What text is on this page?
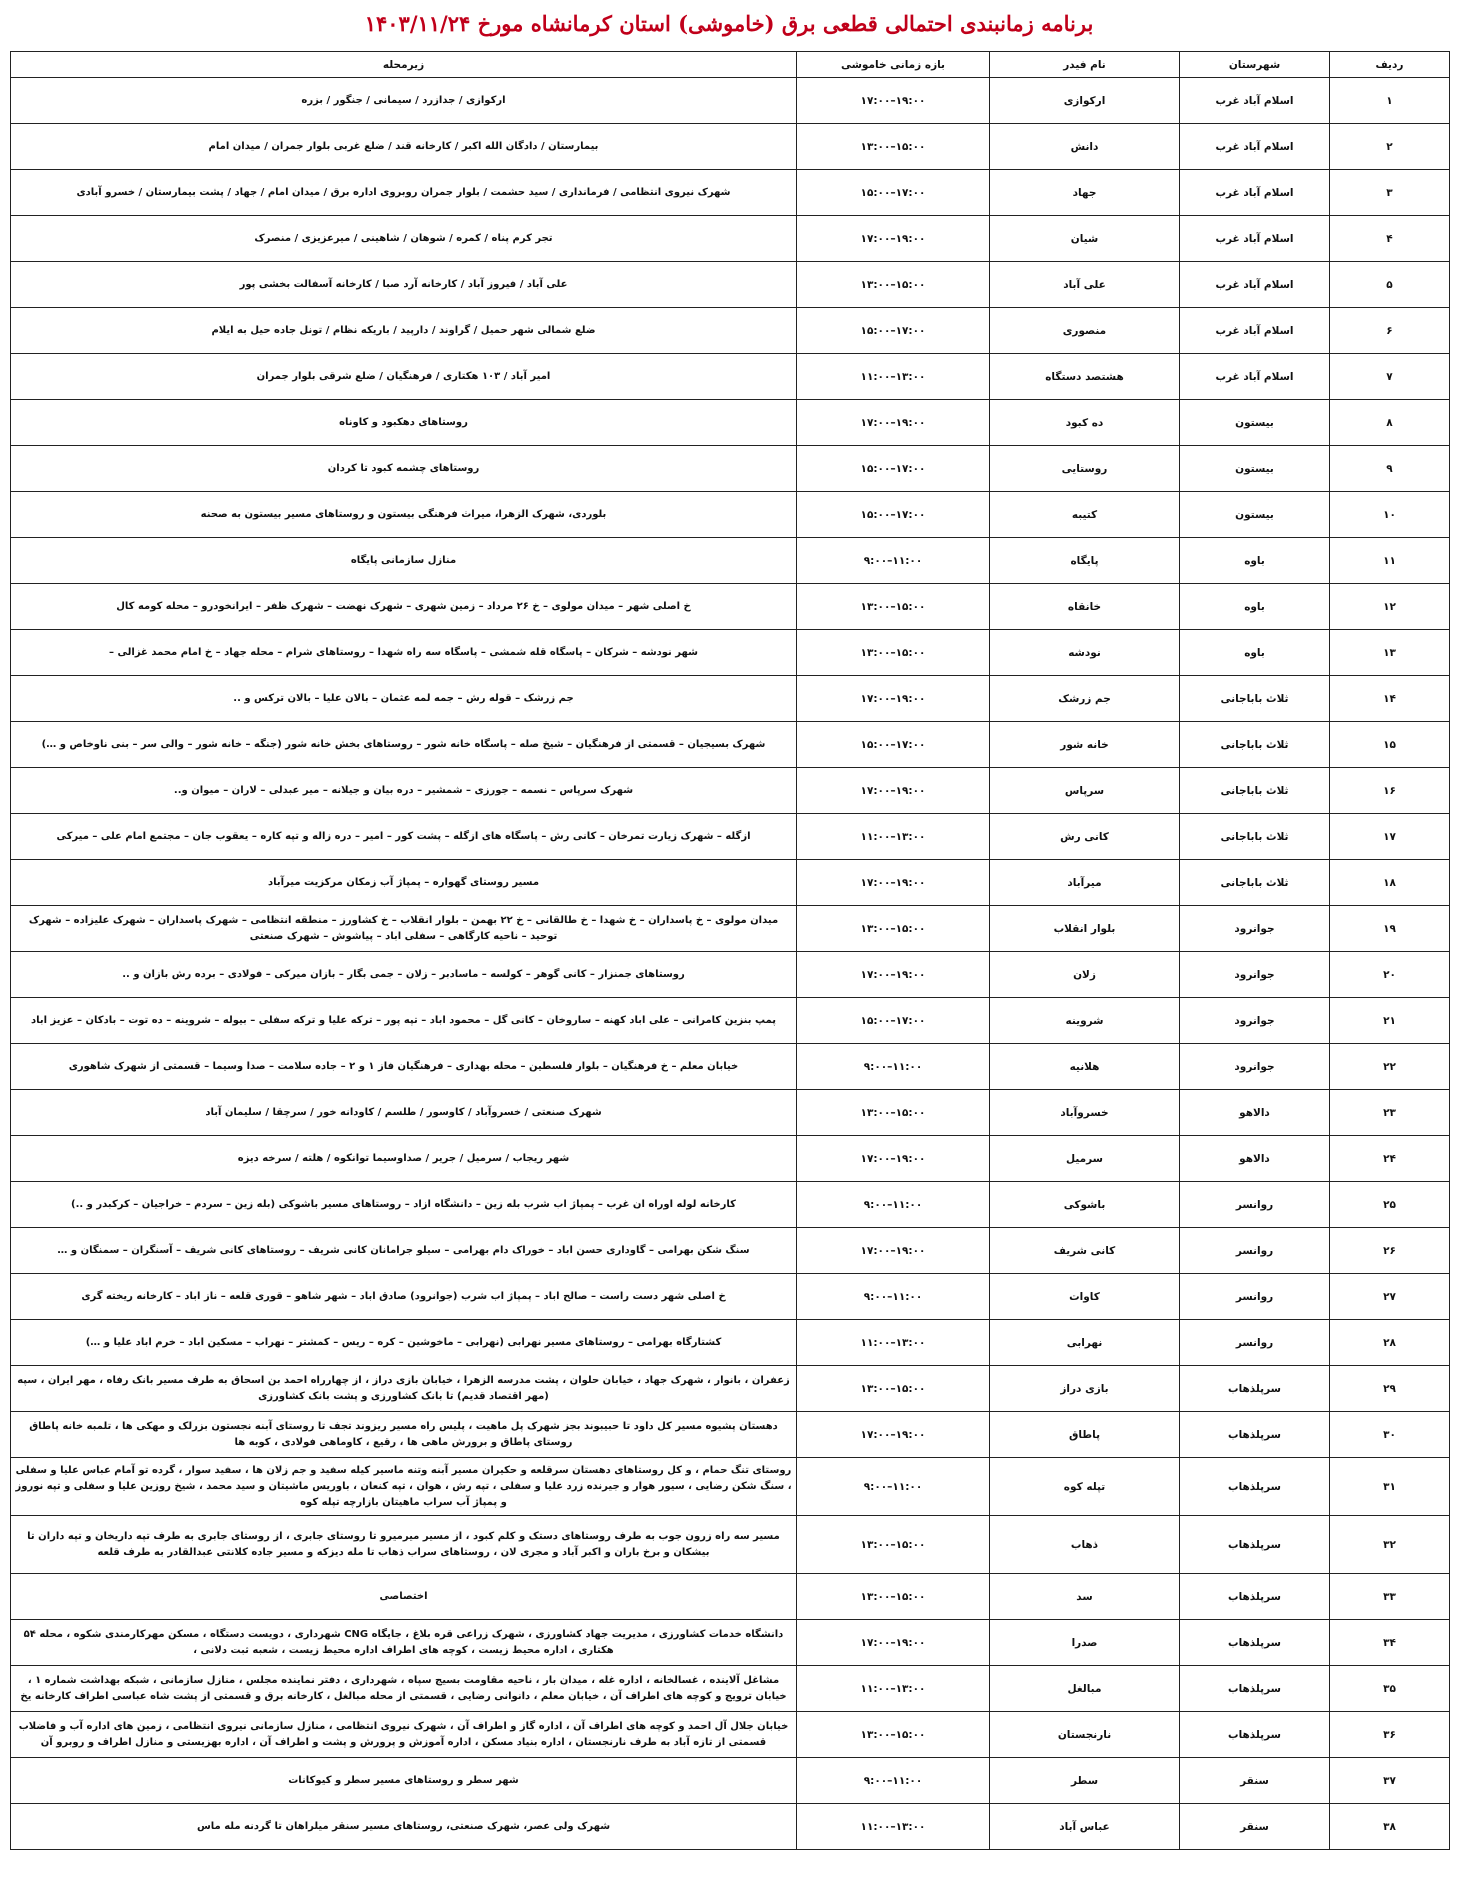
برنامه زمانبندی احتمالی قطعی برق (خاموشی) استان کرمانشاه مورخ ۱۴۰۳/۱۱/۲۴
ردیف	شهرستان	نام فیدر	بازه زمانی خاموشی	زیرمحله
۱	اسلام آباد غرب	ارکوازی	۱۷:۰۰–۱۹:۰۰	ارکوازی / جدازرد / سیمانی / جنگور / بزره
۲	اسلام آباد غرب	دانش	۱۳:۰۰–۱۵:۰۰	بیمارستان / دادگان الله اکبر / کارخانه قند / ضلع غربی بلوار جمران / میدان امام
۳	اسلام آباد غرب	جهاد	۱۵:۰۰–۱۷:۰۰	شهرک نیروی انتظامی / فرمانداری / سید حشمت / بلوار جمران روبروی اداره برق / میدان امام / جهاد / پشت بیمارستان / خسرو آبادی
۴	اسلام آباد غرب	شیان	۱۷:۰۰–۱۹:۰۰	تجر کرم پناه / کمره / شوهان / شاهینی / میرعزیزی / منصرک
۵	اسلام آباد غرب	علی آباد	۱۳:۰۰–۱۵:۰۰	علی آباد / فیروز آباد / کارخانه آرد صبا / کارخانه آسفالت بخشی پور
۶	اسلام آباد غرب	منصوری	۱۵:۰۰–۱۷:۰۰	ضلع شمالی شهر حمیل / گراوند / دارپید / باریکه نظام / تونل جاده حیل به ایلام
۷	اسلام آباد غرب	هشتصد دستگاه	۱۱:۰۰–۱۳:۰۰	امیر آباد / ۱۰۳ هکتاری / فرهنگیان / ضلع شرقی بلوار جمران
۸	بیستون	ده کبود	۱۷:۰۰–۱۹:۰۰	روستاهای دهکبود و کاوناه
۹	بیستون	روستایی	۱۵:۰۰–۱۷:۰۰	روستاهای چشمه کبود تا کردان
۱۰	بیستون	کتیبه	۱۵:۰۰–۱۷:۰۰	بلوردی، شهرک الزهرا، میراث فرهنگی بیستون و روستاهای مسیر بیستون به صحنه
۱۱	باوه	پایگاه	۹:۰۰–۱۱:۰۰	منازل سازمانی پایگاه
۱۲	باوه	خانقاه	۱۳:۰۰–۱۵:۰۰	خ اصلی شهر – میدان مولوی – خ ۲۶ مرداد – زمین شهری – شهرک نهضت – شهرک ظفر – ایرانخودرو – محله کومه کال
۱۳	باوه	نودشه	۱۳:۰۰–۱۵:۰۰	شهر نودشه – شرکان – پاسگاه قله شمشی – پاسگاه سه راه شهدا – روستاهای شرام – محله جهاد – خ امام محمد غزالی –
۱۴	ثلاث باباجانی	جم زرشک	۱۷:۰۰–۱۹:۰۰	جم زرشک – قوله رش – جمه لمه عثمان – بالان علیا – بالان ترکس و ..
۱۵	ثلاث باباجانی	خانه شور	۱۵:۰۰–۱۷:۰۰	شهرک بسیجیان – قسمتی از فرهنگیان – شیخ صله – پاسگاه خانه شور – روستاهای بخش خانه شور (جنگه – خانه شور – والی سر – بنی ناوخاص و …)
۱۶	ثلاث باباجانی	سرپاس	۱۷:۰۰–۱۹:۰۰	شهرک سرپاس – نسمه – جورزی – شمشیر – دره بیان و جیلانه – میر عبدلی – لاران – میوان و..
۱۷	ثلاث باباجانی	کانی رش	۱۱:۰۰–۱۳:۰۰	ازگله – شهرک زیارت تمرخان – کانی رش – پاسگاه های ازگله – پشت کور – امیر – دره زاله و تپه کاره – یعقوب جان – مجتمع امام علی – میرکی
۱۸	ثلاث باباجانی	میرآباد	۱۷:۰۰–۱۹:۰۰	مسیر روستای گهواره – پمپاژ آب زمکان مرکزیت میرآباد
۱۹	جوانرود	بلوار انقلاب	۱۳:۰۰–۱۵:۰۰	میدان مولوی – خ پاسداران – خ شهدا – خ طالقانی – خ ۲۲ بهمن – بلوار انقلاب – خ کشاورز – منطقه انتظامی – شهرک پاسداران – شهرک علیزاده – شهرک توحید – ناحیه کارگاهی – سفلی اباد – پیاشوش – شهرک صنعتی
۲۰	جوانرود	زلان	۱۷:۰۰–۱۹:۰۰	روستاهای جمنزار – کانی گوهر – کولسه – ماسادبر – زلان – جمی بگار – بازان میرکی – فولادی – برده رش بازان و ..
۲۱	جوانرود	شروینه	۱۵:۰۰–۱۷:۰۰	پمپ بنزین کامرانی – علی اباد کهنه – ساروخان – کانی گل – محمود اباد – تپه پور – ترکه علیا و ترکه سفلی – بیوله – شروینه – ده توت – بادکان – عزیز اباد
۲۲	جوانرود	هلانیه	۹:۰۰–۱۱:۰۰	خیابان معلم – خ فرهنگیان – بلوار فلسطین – محله بهداری – فرهنگیان فاز ۱ و ۲ – جاده سلامت – صدا وسیما – قسمتی از شهرک شاهوری
۲۳	دالاهو	خسروآباد	۱۳:۰۰–۱۵:۰۰	شهرک صنعتی / خسروآباد / کاوسور / طلسم / کاودانه خور / سرچقا / سلیمان آباد
۲۴	دالاهو	سرمیل	۱۷:۰۰–۱۹:۰۰	شهر ریجاب / سرمیل / جریر / صداوسیما توانکوه / هلته / سرخه دیزه
۲۵	روانسر	باشوکی	۹:۰۰–۱۱:۰۰	کارخانه لوله اوراه ان غرب – پمپاژ اب شرب بله زین – دانشگاه ازاد – روستاهای مسیر باشوکی (بله زین – سردم – خراجیان – کرکبدر و ..)
۲۶	روانسر	کانی شریف	۱۷:۰۰–۱۹:۰۰	سنگ شکن بهرامی – گاوداری حسن اباد – خوراک دام بهرامی – سیلو جرامانان کانی شریف – روستاهای کانی شریف – آسنگران – سمنگان و …
۲۷	روانسر	کاوات	۹:۰۰–۱۱:۰۰	خ اصلی شهر دست راست – صالح اباد – پمپاژ اب شرب (جوانرود) صادق اباد – شهر شاهو – قوری قلعه – ناز اباد – کارخانه ریخته گری
۲۸	روانسر	نهرابی	۱۱:۰۰–۱۳:۰۰	کشتارگاه بهرامی – روستاهای مسیر نهرابی (نهرابی – ماخوشین – کره – ریس – کمشتر – نهراب – مسکین اباد – خرم اباد علیا و …)
۲۹	سرپلذهاب	بازی دراز	۱۳:۰۰–۱۵:۰۰	زعفران ، بانوار ، شهرک جهاد ، خیابان حلوان ، پشت مدرسه الزهرا ، خیابان بازی دراز ، از چهارراه احمد بن اسحاق به طرف مسیر بانک رفاه ، مهر ایران ، سپه (مهر اقتصاد قدیم) تا بانک کشاورزی و پشت بانک کشاورزی
۳۰	سرپلذهاب	پاطاق	۱۷:۰۰–۱۹:۰۰	دهستان پشیوه مسیر کل داود تا حبیبوند بجز شهرک پل ماهیت ، پلیس راه مسیر ریزوند تجف تا روستای آبنه نجستون بزرلک و مهکی ها ، تلمبه خانه پاطاق روستای پاطاق و برورش ماهی ها ، رقیع ، کاوماهی فولادی ، کوبه ها
۳۱	سرپلذهاب	تپله کوه	۹:۰۰–۱۱:۰۰	روستای تنگ حمام ، و کل روستاهای دهستان سرقلعه و حکیران مسیر آبنه وتنه ماسیر کیله سفید و جم زلان ها ، سفید سوار ، گرده تو آمام عباس علیا و سفلی ، سنگ شکن رضایی ، سیور هوار و جیرنده زرد علیا و سفلی ، تپه رش ، هوان ، تپه کنعان ، باوریس ماشیتان و سید محمد ، شیخ روزین علیا و سفلی و تپه نوروز و پمپاژ آب سراب ماهیتان بازارچه تپله کوه
۳۲	سرپلذهاب	ذهاب	۱۳:۰۰–۱۵:۰۰	مسیر سه راه زرون جوب به طرف روستاهای دستک و کلم کبود ، از مسیر میرمیرو تا روستای جابری ، از روستای جابری به طرف تپه داریخان و تپه داران تا بیشکان و برخ باران و اکبر آباد و مجری لان ، روستاهای سراب ذهاب تا مله دیزکه و مسیر جاده کلانتی عبدالقادر به طرف قلعه
۳۳	سرپلذهاب	سد	۱۳:۰۰–۱۵:۰۰	اختصاصی
۳۴	سرپلذهاب	صدرا	۱۷:۰۰–۱۹:۰۰	دانشگاه خدمات کشاورزی ، مدیریت جهاد کشاورزی ، شهرک زراعی قره بلاغ ، جایگاه CNG شهرداری ، دویست دستگاه ، مسکن مهرکارمندی شکوه ، محله ۵۴ هکتاری ، اداره محیط زیست ، کوچه های اطراف اداره محیط زیست ، شعبه ثبت دلانی ،
۳۵	سرپلذهاب	مبالغل	۱۱:۰۰–۱۳:۰۰	مشاغل آلاینده ، غسالخانه ، اداره غله ، میدان بار ، ناحیه مقاومت بسیج سپاه ، شهرداری ، دفتر نماینده مجلس ، منازل سازمانی ، شبکه بهداشت شماره ۱ ، خیابان ترویج و کوچه های اطراف آن ، خیابان معلم ، دانوانی رضایی ، قسمتی از محله مبالغل ، کارخانه برق و قسمتی از پشت شاه عباسی اطراف کارخانه یخ
۳۶	سرپلذهاب	نارنجستان	۱۳:۰۰–۱۵:۰۰	خیابان جلال آل احمد و کوچه های اطراف آن ، اداره گاز و اطراف آن ، شهرک نیروی انتظامی ، منازل سازمانی نیروی انتظامی ، زمین های اداره آب و فاضلاب قسمتی از تازه آباد به طرف نارنجستان ، اداره بنیاد مسکن ، اداره آموزش و پرورش و پشت و اطراف آن ، اداره بهزیستی و منازل اطراف و روبرو آن
۳۷	سنقر	سطر	۹:۰۰–۱۱:۰۰	شهر سطر و روستاهای مسیر سطر و کیوکانات
۳۸	سنقر	عباس آباد	۱۱:۰۰–۱۳:۰۰	شهرک ولی عصر، شهرک صنعتی، روستاهای مسیر سنقر میلراهان تا گردنه مله ماس
